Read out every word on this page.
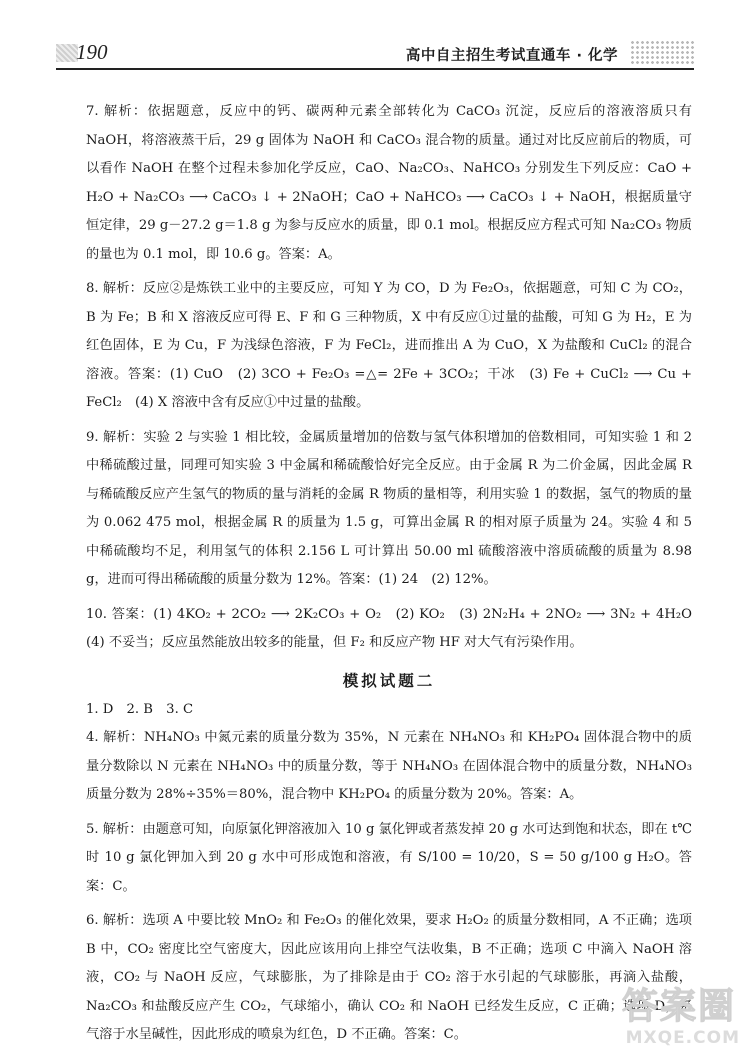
190	高中自主招生考试直通车 · 化学

7. 解析：依据题意，反应中的钙、碳两种元素全部转化为 CaCO₃ 沉淀，反应后的溶液溶质只有 NaOH，将溶液蒸干后，29 g 固体为 NaOH 和 CaCO₃ 混合物的质量。通过对比反应前后的物质，可以看作 NaOH 在整个过程未参加化学反应，CaO、Na₂CO₃、NaHCO₃ 分别发生下列反应：CaO + H₂O + Na₂CO₃ ⟶ CaCO₃ ↓ + 2NaOH；CaO + NaHCO₃ ⟶ CaCO₃ ↓ + NaOH，根据质量守恒定律，29 g－27.2 g＝1.8 g 为参与反应水的质量，即 0.1 mol。根据反应方程式可知 Na₂CO₃ 物质的量也为 0.1 mol，即 10.6 g。答案：A。

8. 解析：反应②是炼铁工业中的主要反应，可知 Y 为 CO，D 为 Fe₂O₃，依据题意，可知 C 为 CO₂，B 为 Fe；B 和 X 溶液反应可得 E、F 和 G 三种物质，X 中有反应①过量的盐酸，可知 G 为 H₂，E 为红色固体，E 为 Cu，F 为浅绿色溶液，F 为 FeCl₂，进而推出 A 为 CuO，X 为盐酸和 CuCl₂ 的混合溶液。答案：(1) CuO　(2) 3CO + Fe₂O₃ =△= 2Fe + 3CO₂；干冰　(3) Fe + CuCl₂ ⟶ Cu + FeCl₂　(4) X 溶液中含有反应①中过量的盐酸。

9. 解析：实验 2 与实验 1 相比较，金属质量增加的倍数与氢气体积增加的倍数相同，可知实验 1 和 2 中稀硫酸过量，同理可知实验 3 中金属和稀硫酸恰好完全反应。由于金属 R 为二价金属，因此金属 R 与稀硫酸反应产生氢气的物质的量与消耗的金属 R 物质的量相等，利用实验 1 的数据，氢气的物质的量为 0.062 475 mol，根据金属 R 的质量为 1.5 g，可算出金属 R 的相对原子质量为 24。实验 4 和 5 中稀硫酸均不足，利用氢气的体积 2.156 L 可计算出 50.00 ml 硫酸溶液中溶质硫酸的质量为 8.98 g，进而可得出稀硫酸的质量分数为 12%。答案：(1) 24　(2) 12%。

10. 答案：(1) 4KO₂ + 2CO₂ ⟶ 2K₂CO₃ + O₂　(2) KO₂　(3) 2N₂H₄ + 2NO₂ ⟶ 3N₂ + 4H₂O　(4) 不妥当；反应虽然能放出较多的能量，但 F₂ 和反应产物 HF 对大气有污染作用。

模拟试题二

1. D　2. B　3. C

4. 解析：NH₄NO₃ 中氮元素的质量分数为 35%，N 元素在 NH₄NO₃ 和 KH₂PO₄ 固体混合物中的质量分数除以 N 元素在 NH₄NO₃ 中的质量分数，等于 NH₄NO₃ 在固体混合物中的质量分数，NH₄NO₃ 质量分数为 28%÷35%＝80%，混合物中 KH₂PO₄ 的质量分数为 20%。答案：A。

5. 解析：由题意可知，向原氯化钾溶液加入 10 g 氯化钾或者蒸发掉 20 g 水可达到饱和状态，即在 t℃ 时 10 g 氯化钾加入到 20 g 水中可形成饱和溶液，有 S/100 = 10/20，S = 50 g/100 g H₂O。答案：C。

6. 解析：选项 A 中要比较 MnO₂ 和 Fe₂O₃ 的催化效果，要求 H₂O₂ 的质量分数相同，A 不正确；选项 B 中，CO₂ 密度比空气密度大，因此应该用向上排空气法收集，B 不正确；选项 C 中滴入 NaOH 溶液，CO₂ 与 NaOH 反应，气球膨胀，为了排除是由于 CO₂ 溶于水引起的气球膨胀，再滴入盐酸，Na₂CO₃ 和盐酸反应产生 CO₂，气球缩小，确认 CO₂ 和 NaOH 已经发生反应，C 正确；选项 D，氨气溶于水呈碱性，因此形成的喷泉为红色，D 不正确。答案：C。

答案圈
MXQE.COM
